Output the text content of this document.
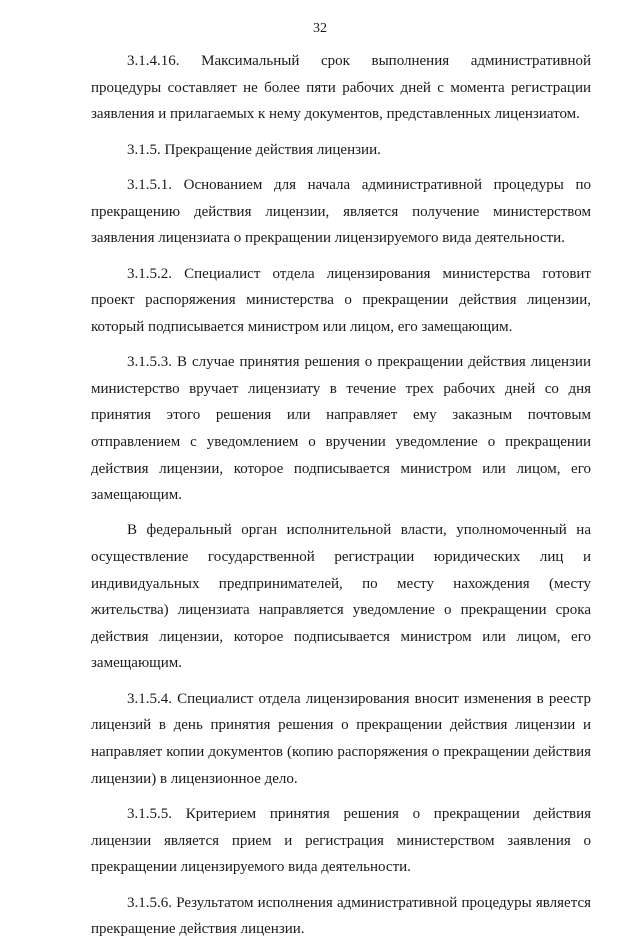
32

3.1.4.16. Максимальный срок выполнения административной процедуры составляет не более пяти рабочих дней с момента регистрации заявления и прилагаемых к нему документов, представленных лицензиатом.

3.1.5. Прекращение действия лицензии.

3.1.5.1. Основанием для начала административной процедуры по прекращению действия лицензии, является получение министерством заявления лицензиата о прекращении лицензируемого вида деятельности.

3.1.5.2. Специалист отдела лицензирования министерства готовит проект распоряжения министерства о прекращении действия лицензии, который подписывается министром или лицом, его замещающим.

3.1.5.3. В случае принятия решения о прекращении действия лицензии министерство вручает лицензиату в течение трех рабочих дней со дня принятия этого решения или направляет ему заказным почтовым отправлением с уведомлением о вручении уведомление о прекращении действия лицензии, которое подписывается министром или лицом, его замещающим.

В федеральный орган исполнительной власти, уполномоченный на осуществление государственной регистрации юридических лиц и индивидуальных предпринимателей, по месту нахождения (месту жительства) лицензиата направляется уведомление о прекращении срока действия лицензии, которое подписывается министром или лицом, его замещающим.

3.1.5.4. Специалист отдела лицензирования вносит изменения в реестр лицензий в день принятия решения о прекращении действия лицензии и направляет копии документов (копию распоряжения о прекращении действия лицензии) в лицензионное дело.

3.1.5.5. Критерием принятия решения о прекращении действия лицензии является прием и регистрация министерством заявления о прекращении лицензируемого вида деятельности.

3.1.5.6. Результатом исполнения административной процедуры является прекращение действия лицензии.
